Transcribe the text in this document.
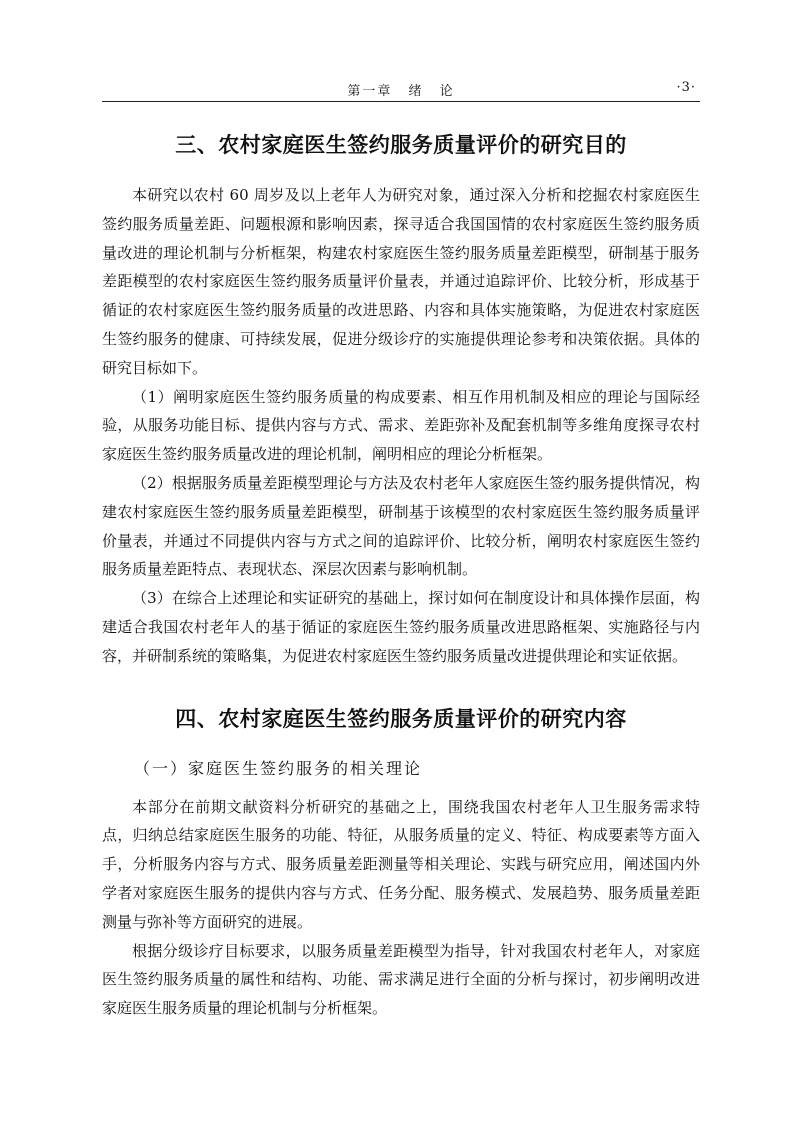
第一章 绪 论	·3·
三、农村家庭医生签约服务质量评价的研究目的

本研究以农村 60 周岁及以上老年人为研究对象，通过深入分析和挖掘农村家庭医生签约服务质量差距、问题根源和影响因素，探寻适合我国国情的农村家庭医生签约服务质量改进的理论机制与分析框架，构建农村家庭医生签约服务质量差距模型，研制基于服务差距模型的农村家庭医生签约服务质量评价量表，并通过追踪评价、比较分析，形成基于循证的农村家庭医生签约服务质量的改进思路、内容和具体实施策略，为促进农村家庭医生签约服务的健康、可持续发展，促进分级诊疗的实施提供理论参考和决策依据。具体的研究目标如下。

（1）阐明家庭医生签约服务质量的构成要素、相互作用机制及相应的理论与国际经验，从服务功能目标、提供内容与方式、需求、差距弥补及配套机制等多维角度探寻农村家庭医生签约服务质量改进的理论机制，阐明相应的理论分析框架。

（2）根据服务质量差距模型理论与方法及农村老年人家庭医生签约服务提供情况，构建农村家庭医生签约服务质量差距模型，研制基于该模型的农村家庭医生签约服务质量评价量表，并通过不同提供内容与方式之间的追踪评价、比较分析，阐明农村家庭医生签约服务质量差距特点、表现状态、深层次因素与影响机制。

（3）在综合上述理论和实证研究的基础上，探讨如何在制度设计和具体操作层面，构建适合我国农村老年人的基于循证的家庭医生签约服务质量改进思路框架、实施路径与内容，并研制系统的策略集，为促进农村家庭医生签约服务质量改进提供理论和实证依据。

四、农村家庭医生签约服务质量评价的研究内容
（一）家庭医生签约服务的相关理论

本部分在前期文献资料分析研究的基础之上，围绕我国农村老年人卫生服务需求特点，归纳总结家庭医生服务的功能、特征，从服务质量的定义、特征、构成要素等方面入手，分析服务内容与方式、服务质量差距测量等相关理论、实践与研究应用，阐述国内外学者对家庭医生服务的提供内容与方式、任务分配、服务模式、发展趋势、服务质量差距测量与弥补等方面研究的进展。

根据分级诊疗目标要求，以服务质量差距模型为指导，针对我国农村老年人，对家庭医生签约服务质量的属性和结构、功能、需求满足进行全面的分析与探讨，初步阐明改进家庭医生服务质量的理论机制与分析框架。
